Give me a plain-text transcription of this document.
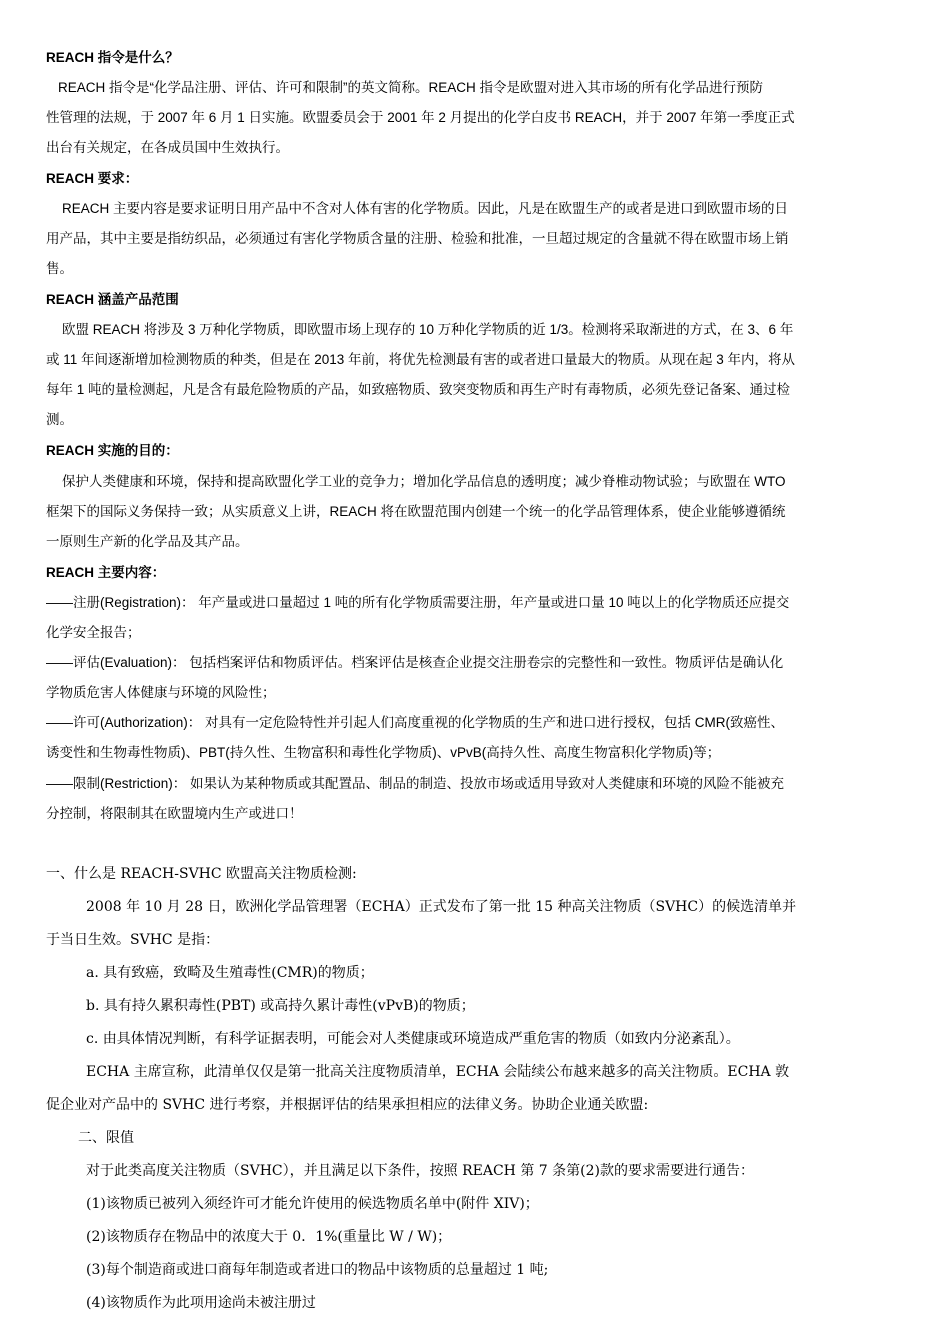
REACH 指令是什么？
REACH 指令是“化学品注册、评估、许可和限制”的英文简称。REACH 指令是欧盟对进入其市场的所有化学品进行预防
性管理的法规，于 2007 年 6 月 1 日实施。欧盟委员会于 2001 年 2 月提出的化学白皮书 REACH，并于 2007 年第一季度正式
出台有关规定，在各成员国中生效执行。
REACH 要求：
REACH 主要内容是要求证明日用产品中不含对人体有害的化学物质。因此，凡是在欧盟生产的或者是进口到欧盟市场的日
用产品，其中主要是指纺织品，必须通过有害化学物质含量的注册、检验和批准，一旦超过规定的含量就不得在欧盟市场上销
售。
REACH 涵盖产品范围
欧盟 REACH 将涉及 3 万种化学物质，即欧盟市场上现存的 10 万种化学物质的近 1/3。检测将采取渐进的方式，在 3、6 年
或 11 年间逐渐增加检测物质的种类，但是在 2013 年前，将优先检测最有害的或者进口量最大的物质。从现在起 3 年内，将从
每年 1 吨的量检测起，凡是含有最危险物质的产品，如致癌物质、致突变物质和再生产时有毒物质，必须先登记备案、通过检
测。
REACH 实施的目的：
保护人类健康和环境，保持和提高欧盟化学工业的竞争力；增加化学品信息的透明度；减少脊椎动物试验；与欧盟在 WTO
框架下的国际义务保持一致；从实质意义上讲，REACH 将在欧盟范围内创建一个统一的化学品管理体系，使企业能够遵循统
一原则生产新的化学品及其产品。
REACH 主要内容：
——注册(Registration)： 年产量或进口量超过 1 吨的所有化学物质需要注册，年产量或进口量 10 吨以上的化学物质还应提交
化学安全报告；
——评估(Evaluation)： 包括档案评估和物质评估。档案评估是核查企业提交注册卷宗的完整性和一致性。物质评估是确认化
学物质危害人体健康与环境的风险性；
——许可(Authorization)： 对具有一定危险特性并引起人们高度重视的化学物质的生产和进口进行授权，包括 CMR(致癌性、
诱变性和生物毒性物质)、PBT(持久性、生物富积和毒性化学物质)、vPvB(高持久性、高度生物富积化学物质)等；
——限制(Restriction)： 如果认为某种物质或其配置品、制品的制造、投放市场或适用导致对人类健康和环境的风险不能被充
分控制，将限制其在欧盟境内生产或进口！
一、什么是 REACH-SVHC 欧盟高关注物质检测:
2008 年 10 月 28 日，欧洲化学品管理署（ECHA）正式发布了第一批 15 种高关注物质（SVHC）的候选清单并
于当日生效。SVHC 是指：
a. 具有致癌，致畸及生殖毒性(CMR)的物质；
b. 具有持久累积毒性(PBT) 或高持久累计毒性(vPvB)的物质；
c. 由具体情况判断，有科学证据表明，可能会对人类健康或环境造成严重危害的物质（如致内分泌紊乱）。
ECHA 主席宣称，此清单仅仅是第一批高关注度物质清单，ECHA 会陆续公布越来越多的高关注物质。ECHA 敦
促企业对产品中的 SVHC 进行考察，并根据评估的结果承担相应的法律义务。协助企业通关欧盟:
二、限值
对于此类高度关注物质（SVHC），并且满足以下条件，按照 REACH 第 7 条第(2)款的要求需要进行通告：
(1)该物质已被列入须经许可才能允许使用的候选物质名单中(附件 XIV)；
(2)该物质存在物品中的浓度大于 0．1%(重量比 W / W)；
(3)每个制造商或进口商每年制造或者进口的物品中该物质的总量超过 1 吨;
(4)该物质作为此项用途尚未被注册过
